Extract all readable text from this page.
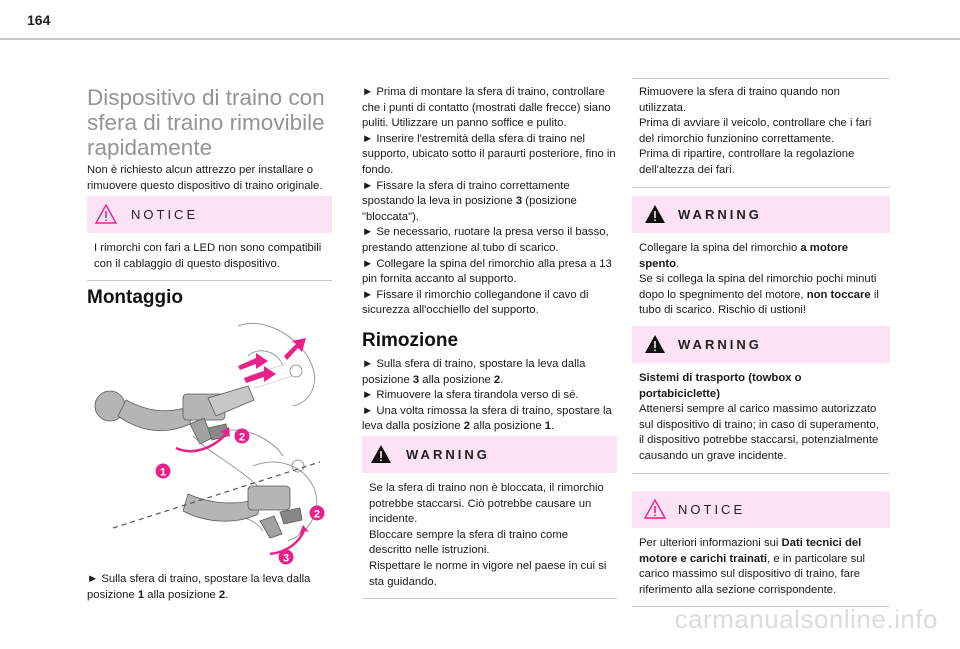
164
Dispositivo di traino con sfera di traino rimovibile rapidamente

Non è richiesto alcun attrezzo per installare o rimuovere questo dispositivo di traino originale.

NOTICE
I rimorchi con fari a LED non sono compatibili con il cablaggio di questo dispositivo.
Montaggio
1
2
2
3

► Sulla sfera di traino, spostare la leva dalla posizione 1 alla posizione 2.

► Prima di montare la sfera di traino, controllare che i punti di contatto (mostrati dalle frecce) siano puliti. Utilizzare un panno soffice e pulito.

► Inserire l'estremità della sfera di traino nel supporto, ubicato sotto il paraurti posteriore, fino in fondo.

► Fissare la sfera di traino correttamente spostando la leva in posizione 3 (posizione "bloccata").

► Se necessario, ruotare la presa verso il basso, prestando attenzione al tubo di scarico.

► Collegare la spina del rimorchio alla presa a 13 pin fornita accanto al supporto.

► Fissare il rimorchio collegandone il cavo di sicurezza all'occhiello del supporto.

Rimozione

► Sulla sfera di traino, spostare la leva dalla posizione 3 alla posizione 2.

► Rimuovere la sfera tirandola verso di sé.

► Una volta rimossa la sfera di traino, spostare la leva dalla posizione 2 alla posizione 1.

WARNING
Se la sfera di traino non è bloccata, il rimorchio potrebbe staccarsi. Ciò potrebbe causare un incidente.
Bloccare sempre la sfera di traino come descritto nelle istruzioni.
Rispettare le norme in vigore nel paese in cui si sta guidando.
Rimuovere la sfera di traino quando non utilizzata.
Prima di avviare il veicolo, controllare che i fari del rimorchio funzionino correttamente.
Prima di ripartire, controllare la regolazione dell'altezza dei fari.
WARNING
Collegare la spina del rimorchio a motore spento.
Se si collega la spina del rimorchio pochi minuti dopo lo spegnimento del motore, non toccare il tubo di scarico. Rischio di ustioni!
WARNING
Sistemi di trasporto (towbox o portabiciclette)
Attenersi sempre al carico massimo autorizzato sul dispositivo di traino; in caso di superamento, il dispositivo potrebbe staccarsi, potenzialmente causando un grave incidente.
NOTICE
Per ulteriori informazioni sui Dati tecnici del motore e carichi trainati, e in particolare sul carico massimo sul dispositivo di traino, fare riferimento alla sezione corrispondente.
carmanualsonline.info
